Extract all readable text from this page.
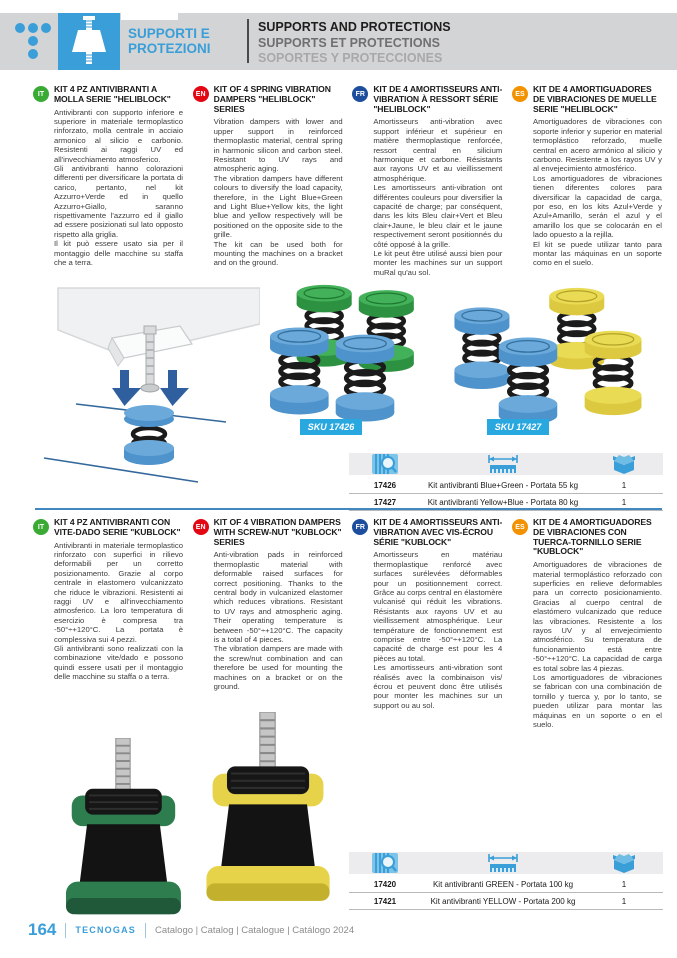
SUPPORTI E PROTEZIONI
SUPPORTS AND PROTECTIONS
SUPPORTS ET PROTECTIONS
SOPORTES Y PROTECCIONES
IT	KIT 4 PZ ANTIVIBRANTI A MOLLA SERIE "HELIBLOCK"

Antivibranti con supporto inferiore e superiore in materiale termoplastico rinforzato, molla centrale in acciaio armonico al silicio e carbonio. Resistenti ai raggi UV ed all'invecchiamento atmosferico.

Gli antivibranti hanno colorazioni differenti per diversificare la portata di carico, pertanto, nel kit Azzurro+Verde ed in quello Azzurro+Giallo, saranno rispettivamente l'azzurro ed il giallo ad essere posizionati sul lato opposto rispetto alla griglia.

Il kit può essere usato sia per il montaggio delle macchine su staffa che a terra.

EN KIT OF 4 SPRING VIBRATION DAMPERS "HELIBLOCK" SERIES

Vibration dampers with lower and upper support in reinforced thermoplastic material, central spring in harmonic silicon and carbon steel. Resistant to UV rays and atmospheric aging.

The vibration dampers have different colours to diversify the load capacity, therefore, in the Light Blue+Green and Light Blue+Yellow kits, the light blue and yellow respectively will be positioned on the opposite side to the grille.

The kit can be used both for mounting the machines on a bracket and on the ground.

FR KIT DE 4 AMORTISSEURS ANTI-VIBRATION À RESSORT SÉRIE "HELIBLOCK"

Amortisseurs anti-vibration avec support inférieur et supérieur en matière thermoplastique renforcée, ressort central en silicium harmonique et carbone. Résistants aux rayons UV et au vieillissement atmosphérique.

Les amortisseurs anti-vibration ont différentes couleurs pour diversifier la capacité de charge; par conséquent, dans les kits Bleu clair+Vert et Bleu clair+Jaune, le bleu clair et le jaune respectivement seront positionnés du côté opposé à la grille.

Le kit peut être utilisé aussi bien pour monter les machines sur un support muRal qu'au sol.

ES KIT DE 4 AMORTIGUADORES DE VIBRACIONES DE MUELLE SERIE "HELIBLOCK"

Amortiguadores de vibraciones con soporte inferior y superior en material termoplástico reforzado, muelle central en acero armónico al silicio y carbono. Resistente a los rayos UV y al envejecimiento atmosférico.

Los amortiguadores de vibraciones tienen diferentes colores para diversificar la capacidad de carga, por eso, en los kits Azul+Verde y Azul+Amarillo, serán el azul y el amarillo los que se colocarán en el lado opuesto a la rejilla.

El kit se puede utilizar tanto para montar las máquinas en un soporte como en el suelo.

SKU 17426	SKU 17427
17426	Kit antivibranti Blue+Green - Portata 55 kg	1
17427	Kit antivibranti Yellow+Blue - Portata 80 kg	1
IT	KIT 4 PZ ANTIVIBRANTI CON VITE-DADO SERIE "KUBLOCK"

Antivibranti in materiale termoplastico rinforzato con superfici in rilievo deformabili per un corretto posizionamento. Grazie al corpo centrale in elastomero vulcanizzato che riduce le vibrazioni. Resistenti ai raggi UV e all'invecchiamento atmosferico. La loro temperatura di esercizio è compresa tra -50°÷+120°C. La portata è complessiva sui 4 pezzi.

Gli antivibranti sono realizzati con la combinazione vite/dado e possono quindi essere usati per il montaggio delle macchine su staffa o a terra.

EN KIT OF 4 VIBRATION DAMPERS WITH SCREW-NUT "KUBLOCK" SERIES

Anti-vibration pads in reinforced thermoplastic material with deformable raised surfaces for correct positioning. Thanks to the central body in vulcanized elastomer which reduces vibrations. Resistant to UV rays and atmospheric aging. Their operating temperature is between -50°÷+120°C. The capacity is a total of 4 pieces.

The vibration dampers are made with the screw/nut combination and can therefore be used for mounting the machines on a bracket or on the ground.

FR KIT DE 4 AMORTISSEURS ANTI-VIBRATION AVEC VIS-ÉCROU SÉRIE "KUBLOCK"

Amortisseurs en matériau thermoplastique renforcé avec surfaces surélevées déformables pour un positionnement correct. Grâce au corps central en élastomère vulcanisé qui réduit les vibrations. Résistants aux rayons UV et au vieillissement atmosphérique. Leur température de fonctionnement est comprise entre -50°÷+120°C. La capacité de charge est pour les 4 pièces au total.

Les amortisseurs anti-vibration sont réalisés avec la combinaison vis/écrou et peuvent donc être utilisés pour monter les machines sur un support ou au sol.

ES KIT DE 4 AMORTIGUADORES DE VIBRACIONES CON TUERCA-TORNILLO SERIE "KUBLOCK"

Amortiguadores de vibraciones de material termoplástico reforzado con superficies en relieve deformables para un correcto posicionamiento. Gracias al cuerpo central de elastómero vulcanizado que reduce las vibraciones. Resistente a los rayos UV y al envejecimiento atmosférico. Su temperatura de funcionamiento está entre -50°÷+120°C. La capacidad de carga es total sobre las 4 piezas.

Los amortiguadores de vibraciones se fabrican con una combinación de tornillo y tuerca y, por lo tanto, se pueden utilizar para montar las máquinas en un soporte o en el suelo.

17420	Kit antivibranti GREEN - Portata 100 kg	1
17421	Kit antivibranti YELLOW - Portata 200 kg	1
164 TECNOGAS Catalogo | Catalog | Catalogue | Catálogo 2024
